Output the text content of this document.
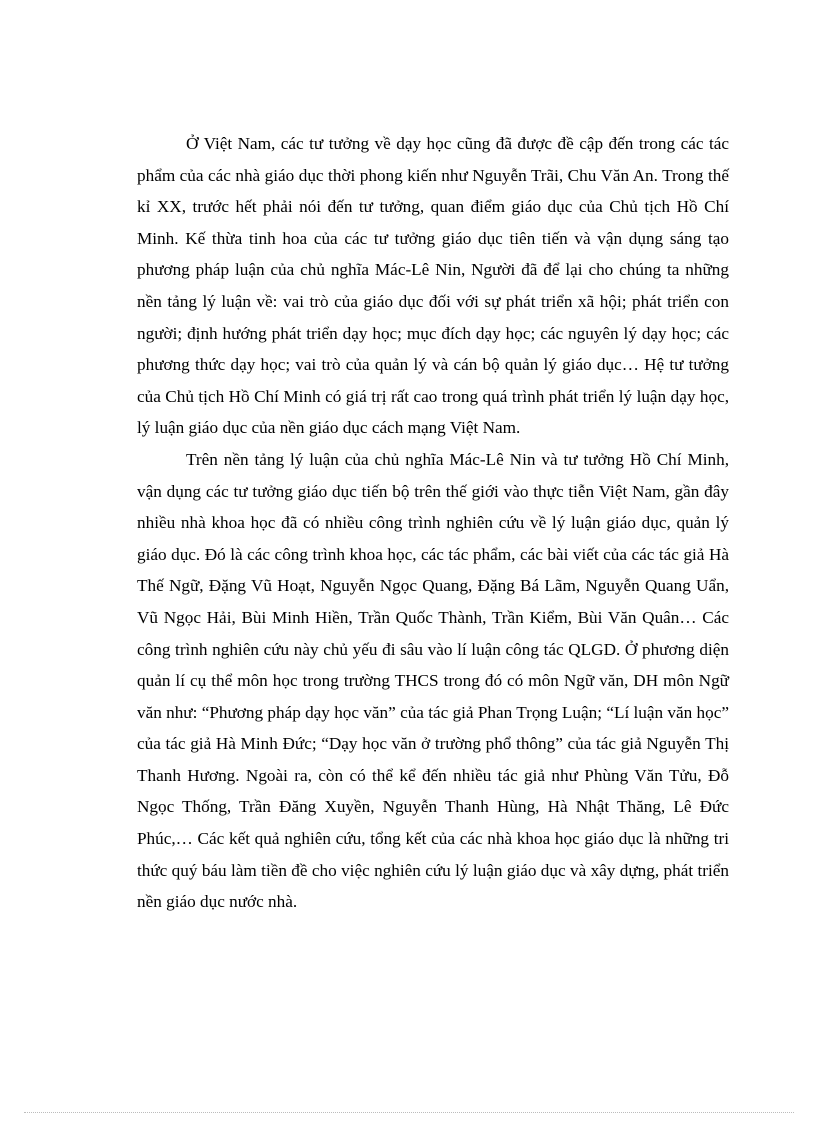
Ở Việt Nam, các tư tưởng về dạy học cũng đã được đề cập đến trong các tác phẩm của các nhà giáo dục thời phong kiến như Nguyễn Trãi, Chu Văn An. Trong thế kỉ XX, trước hết phải nói đến tư tưởng, quan điểm giáo dục của Chủ tịch Hồ Chí Minh. Kế thừa tinh hoa của các tư tưởng giáo dục tiên tiến và vận dụng sáng tạo phương pháp luận của chủ nghĩa Mác-Lê Nin, Người đã để lại cho chúng ta những nền tảng lý luận về: vai trò của giáo dục đối với sự phát triển xã hội; phát triển con người; định hướng phát triển dạy học; mục đích dạy học; các nguyên lý dạy học; các phương thức dạy học; vai trò của quản lý và cán bộ quản lý giáo dục… Hệ tư tưởng của Chủ tịch Hồ Chí Minh có giá trị rất cao trong quá trình phát triển lý luận dạy học, lý luận giáo dục của nền giáo dục cách mạng Việt Nam.

Trên nền tảng lý luận của chủ nghĩa Mác-Lê Nin và tư tưởng Hồ Chí Minh, vận dụng các tư tưởng giáo dục tiến bộ trên thế giới vào thực tiễn Việt Nam, gần đây nhiều nhà khoa học đã có nhiều công trình nghiên cứu về lý luận giáo dục, quản lý giáo dục. Đó là các công trình khoa học, các tác phẩm, các bài viết của các tác giả Hà Thế Ngữ, Đặng Vũ Hoạt, Nguyễn Ngọc Quang, Đặng Bá Lãm, Nguyễn Quang Uẩn, Vũ Ngọc Hải, Bùi Minh Hiền, Trần Quốc Thành, Trần Kiểm, Bùi Văn Quân… Các công trình nghiên cứu này chủ yếu đi sâu vào lí luận công tác QLGD. Ở phương diện quản lí cụ thể môn học trong trường THCS trong đó có môn Ngữ văn, DH môn Ngữ văn như: “Phương pháp dạy học văn” của tác giả Phan Trọng Luận; “Lí luận văn học” của tác giả Hà Minh Đức; “Dạy học văn ở trường phổ thông” của tác giả Nguyễn Thị Thanh Hương. Ngoài ra, còn có thể kể đến nhiều tác giả như Phùng Văn Tửu, Đỗ Ngọc Thống, Trần Đăng Xuyền, Nguyễn Thanh Hùng, Hà Nhật Thăng, Lê Đức Phúc,… Các kết quả nghiên cứu, tổng kết của các nhà khoa học giáo dục là những tri thức quý báu làm tiền đề cho việc nghiên cứu lý luận giáo dục và xây dựng, phát triển nền giáo dục nước nhà.
